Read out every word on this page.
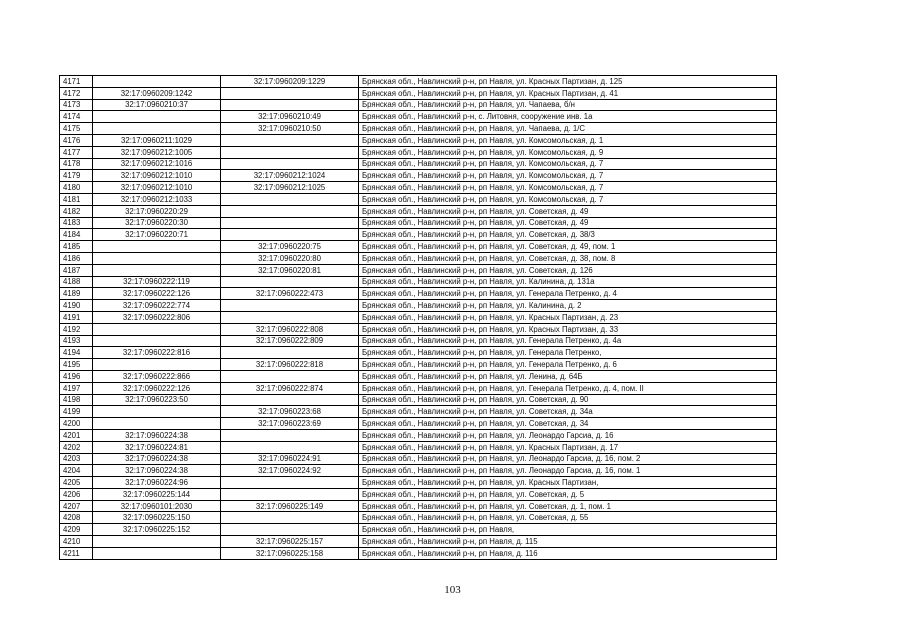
4171		32:17:0960209:1229	Брянская обл., Навлинский р-н, рп Навля, ул. Красных Партизан, д. 125
4172	32:17:0960209:1242		Брянская обл., Навлинский р-н, рп Навля, ул. Красных Партизан, д. 41
4173	32:17:0960210:37		Брянская обл., Навлинский р-н, рп Навля, ул. Чапаева, б/н
4174		32:17:0960210:49	Брянская обл., Навлинский р-н, с. Литовня, сооружение инв. 1а
4175		32:17:0960210:50	Брянская обл., Навлинский р-н, рп Навля, ул. Чапаева, д. 1/С
4176	32:17:0960211:1029		Брянская обл., Навлинский р-н, рп Навля, ул. Комсомольская, д. 1
4177	32:17:0960212:1005		Брянская обл., Навлинский р-н, рп Навля, ул. Комсомольская, д. 9
4178	32:17:0960212:1016		Брянская обл., Навлинский р-н, рп Навля, ул. Комсомольская, д. 7
4179	32:17:0960212:1010	32:17:0960212:1024	Брянская обл., Навлинский р-н, рп Навля, ул. Комсомольская, д. 7
4180	32:17:0960212:1010	32:17:0960212:1025	Брянская обл., Навлинский р-н, рп Навля, ул. Комсомольская, д. 7
4181	32:17:0960212:1033		Брянская обл., Навлинский р-н, рп Навля, ул. Комсомольская, д. 7
4182	32:17:0960220:29		Брянская обл., Навлинский р-н, рп Навля, ул. Советская, д. 49
4183	32:17:0960220:30		Брянская обл., Навлинский р-н, рп Навля, ул. Советская, д. 49
4184	32:17:0960220:71		Брянская обл., Навлинский р-н, рп Навля, ул. Советская, д. 38/3
4185		32:17:0960220:75	Брянская обл., Навлинский р-н, рп Навля, ул. Советская, д. 49, пом. 1
4186		32:17:0960220:80	Брянская обл., Навлинский р-н, рп Навля, ул. Советская, д. 38, пом. 8
4187		32:17:0960220:81	Брянская обл., Навлинский р-н, рп Навля, ул. Советская, д. 126
4188	32:17:0960222:119		Брянская обл., Навлинский р-н, рп Навля, ул. Калинина, д. 131а
4189	32:17:0960222:126	32:17:0960222:473	Брянская обл., Навлинский р-н, рп Навля, ул. Генерала Петренко, д. 4
4190	32:17:0960222:774		Брянская обл., Навлинский р-н, рп Навля, ул. Калинина, д. 2
4191	32:17:0960222:806		Брянская обл., Навлинский р-н, рп Навля, ул. Красных Партизан, д. 23
4192		32:17:0960222:808	Брянская обл., Навлинский р-н, рп Навля, ул. Красных Партизан, д. 33
4193		32:17:0960222:809	Брянская обл., Навлинский р-н, рп Навля, ул. Генерала Петренко, д. 4а
4194	32:17:0960222:816		Брянская обл., Навлинский р-н, рп Навля, ул. Генерала Петренко,
4195		32:17:0960222:818	Брянская обл., Навлинский р-н, рп Навля, ул. Генерала Петренко, д. 6
4196	32:17:0960222:866		Брянская обл., Навлинский р-н, рп Навля, ул. Ленина, д. 64Б
4197	32:17:0960222:126	32:17:0960222:874	Брянская обл., Навлинский р-н, рп Навля, ул. Генерала Петренко, д. 4, пом. II
4198	32:17:0960223:50		Брянская обл., Навлинский р-н, рп Навля, ул. Советская, д. 90
4199		32:17:0960223:68	Брянская обл., Навлинский р-н, рп Навля, ул. Советская, д. 34а
4200		32:17:0960223:69	Брянская обл., Навлинский р-н, рп Навля, ул. Советская, д. 34
4201	32:17:0960224:38		Брянская обл., Навлинский р-н, рп Навля, ул. Леонардо Гарсиа, д. 16
4202	32:17:0960224:81		Брянская обл., Навлинский р-н, рп Навля, ул. Красных Партизан, д. 17
4203	32:17:0960224:38	32:17:0960224:91	Брянская обл., Навлинский р-н, рп Навля, ул. Леонардо Гарсиа, д. 16, пом. 2
4204	32:17:0960224:38	32:17:0960224:92	Брянская обл., Навлинский р-н, рп Навля, ул. Леонардо Гарсиа, д. 16, пом. 1
4205	32:17:0960224:96		Брянская обл., Навлинский р-н, рп Навля, ул. Красных Партизан,
4206	32:17:0960225:144		Брянская обл., Навлинский р-н, рп Навля, ул. Советская, д. 5
4207	32:17:0960101:2030	32:17:0960225:149	Брянская обл., Навлинский р-н, рп Навля, ул. Советская, д. 1, пом. 1
4208	32:17:0960225:150		Брянская обл., Навлинский р-н, рп Навля, ул. Советская, д. 55
4209	32:17:0960225:152		Брянская обл., Навлинский р-н, рп Навля,
4210		32:17:0960225:157	Брянская обл., Навлинский р-н, рп Навля, д. 115
4211		32:17:0960225:158	Брянская обл., Навлинский р-н, рп Навля, д. 116
103
